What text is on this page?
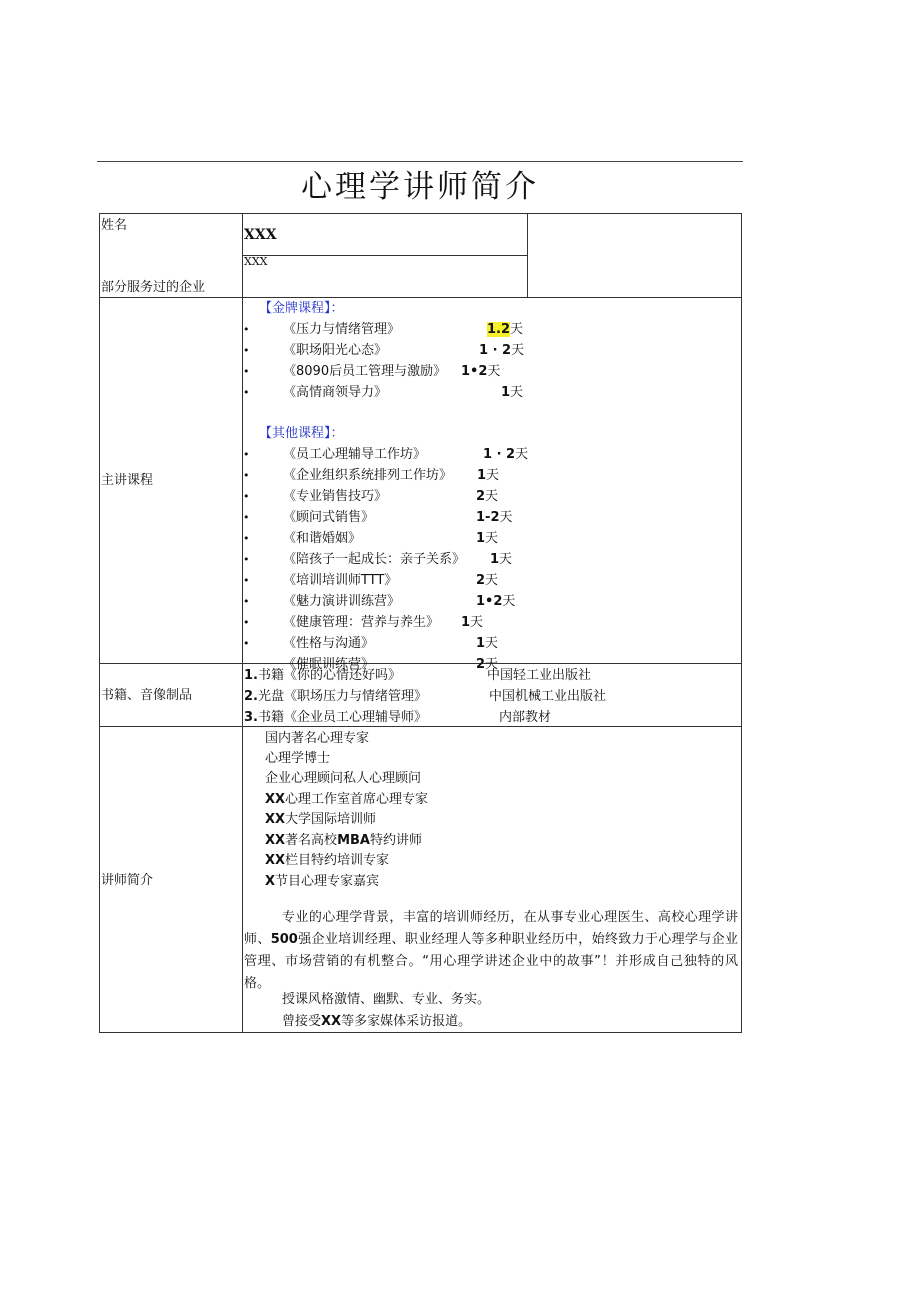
心理学讲师简介
姓名
XXX
部分服务过的企业
XXX
主讲课程
【金牌课程】：
•	《压力与情绪管理》	1.2天
•	《职场阳光心态》	1 · 2天
•	《8090后员工管理与激励》 1•2天
•	《高情商领导力》	1天
【其他课程】：
•	《员工心理辅导工作坊》	1 · 2天
•	《企业组织系统排列工作坊》 1天
•	《专业销售技巧》	2天
•	《顾问式销售》	1-2天
•	《和谐婚姻》	1天
•	《陪孩子一起成长：亲子关系》 1天
•	《培训培训师TTT》	2天
•	《魅力演讲训练营》	1•2天
•	《健康管理：营养与养生》 1天
•	《性格与沟通》	1天
《催眠训练营》	2天
书籍、音像制品
1.书籍《你的心情还好吗》	中国轻工业出版社
2.光盘《职场压力与情绪管理》	中国机械工业出版社
3.书籍《企业员工心理辅导师》	内部教材
讲师简介
国内著名心理专家
心理学博士
企业心理顾问私人心理顾问
XX心理工作室首席心理专家
XX大学国际培训师
XX著名高校MBA特约讲师
XX栏目特约培训专家
X节目心理专家嘉宾
专业的心理学背景，丰富的培训师经历，在从事专业心理医生、高校心理学讲师、500强企业培训经理、职业经理人等多种职业经历中，始终致力于心理学与企业管理、市场营销的有机整合。“用心理学讲述企业中的故事”！并形成自己独特的风格。
授课风格激情、幽默、专业、务实。
曾接受XX等多家媒体采访报道。
